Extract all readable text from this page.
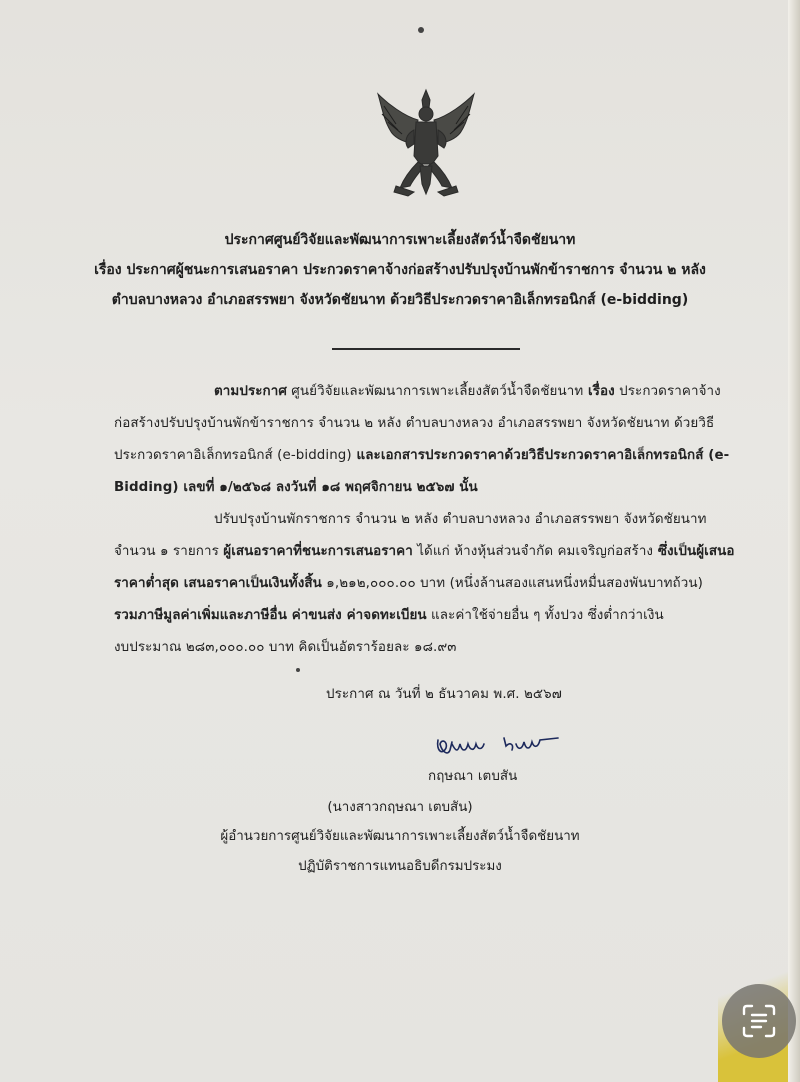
ประกาศศูนย์วิจัยและพัฒนาการเพาะเลี้ยงสัตว์น้ำจืดชัยนาท
เรื่อง ประกาศผู้ชนะการเสนอราคา ประกวดราคาจ้างก่อสร้างปรับปรุงบ้านพักข้าราชการ จำนวน ๒ หลัง
ตำบลบางหลวง อำเภอสรรพยา จังหวัดชัยนาท ด้วยวิธีประกวดราคาอิเล็กทรอนิกส์ (e-bidding)
ตามประกาศ ศูนย์วิจัยและพัฒนาการเพาะเลี้ยงสัตว์น้ำจืดชัยนาท เรื่อง ประกวดราคาจ้าง
ก่อสร้างปรับปรุงบ้านพักข้าราชการ จำนวน ๒ หลัง ตำบลบางหลวง อำเภอสรรพยา จังหวัดชัยนาท ด้วยวิธี
ประกวดราคาอิเล็กทรอนิกส์ (e-bidding) และเอกสารประกวดราคาด้วยวิธีประกวดราคาอิเล็กทรอนิกส์ (e-
Bidding) เลขที่ ๑/๒๕๖๘ ลงวันที่ ๑๘ พฤศจิกายน ๒๕๖๗ นั้น
ปรับปรุงบ้านพักราชการ จำนวน ๒ หลัง ตำบลบางหลวง อำเภอสรรพยา จังหวัดชัยนาท
จำนวน ๑ รายการ ผู้เสนอราคาที่ชนะการเสนอราคา ได้แก่ ห้างหุ้นส่วนจำกัด คมเจริญก่อสร้าง ซึ่งเป็นผู้เสนอ
ราคาต่ำสุด เสนอราคาเป็นเงินทั้งสิ้น ๑,๒๑๒,๐๐๐.๐๐ บาท (หนึ่งล้านสองแสนหนึ่งหมื่นสองพันบาทถ้วน)
รวมภาษีมูลค่าเพิ่มและภาษีอื่น ค่าขนส่ง ค่าจดทะเบียน และค่าใช้จ่ายอื่น ๆ ทั้งปวง ซึ่งต่ำกว่าเงิน
งบประมาณ ๒๘๓,๐๐๐.๐๐ บาท คิดเป็นอัตราร้อยละ ๑๘.๙๓
ประกาศ ณ วันที่ ๒ ธันวาคม พ.ศ. ๒๕๖๗
กฤษณา เตบสัน
(นางสาวกฤษณา เตบสัน)
ผู้อำนวยการศูนย์วิจัยและพัฒนาการเพาะเลี้ยงสัตว์น้ำจืดชัยนาท
ปฏิบัติราชการแทนอธิบดีกรมประมง
